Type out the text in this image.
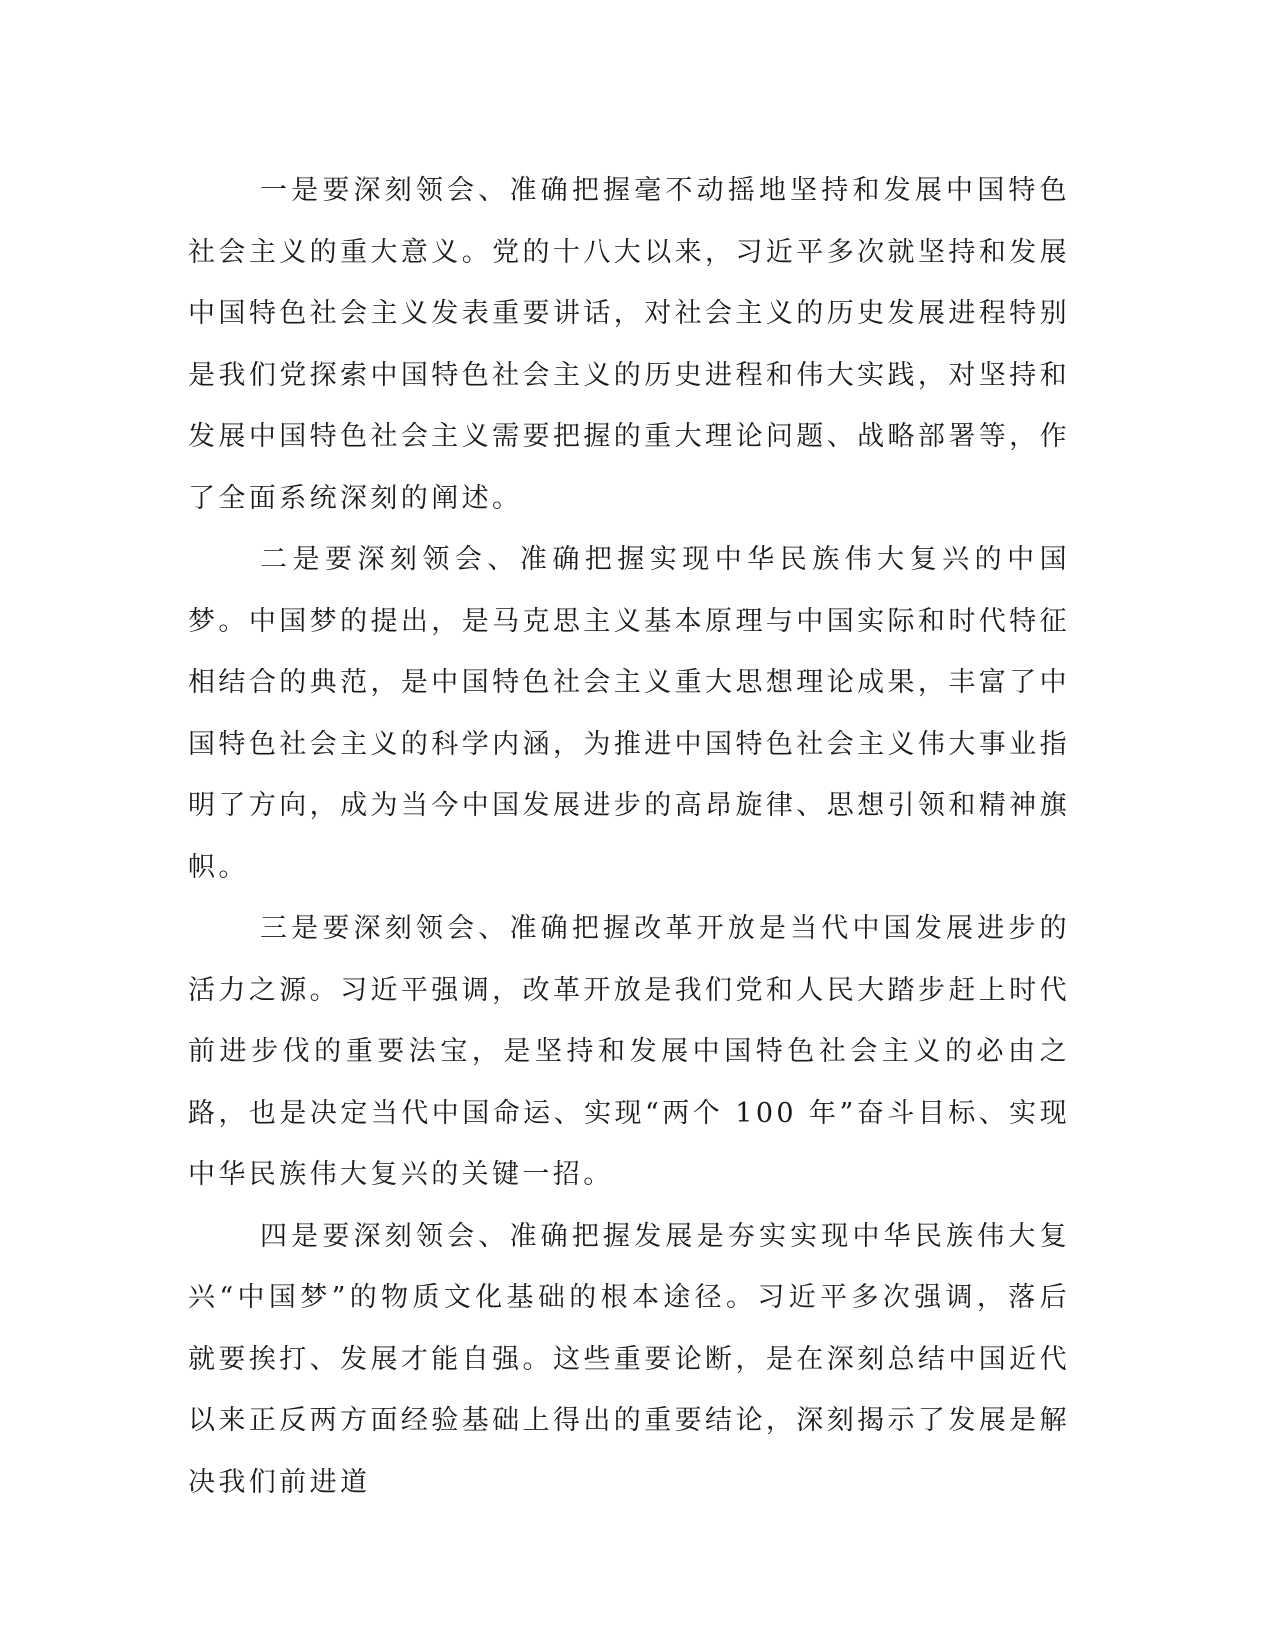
一是要深刻领会、准确把握毫不动摇地坚持和发展中国特色社会主义的重大意义。党的十八大以来，习近平多次就坚持和发展中国特色社会主义发表重要讲话，对社会主义的历史发展进程特别是我们党探索中国特色社会主义的历史进程和伟大实践，对坚持和发展中国特色社会主义需要把握的重大理论问题、战略部署等，作了全面系统深刻的阐述。

二是要深刻领会、准确把握实现中华民族伟大复兴的中国梦。中国梦的提出，是马克思主义基本原理与中国实际和时代特征相结合的典范，是中国特色社会主义重大思想理论成果，丰富了中国特色社会主义的科学内涵，为推进中国特色社会主义伟大事业指明了方向，成为当今中国发展进步的高昂旋律、思想引领和精神旗帜。

三是要深刻领会、准确把握改革开放是当代中国发展进步的活力之源。习近平强调，改革开放是我们党和人民大踏步赶上时代前进步伐的重要法宝，是坚持和发展中国特色社会主义的必由之路，也是决定当代中国命运、实现“两个 100 年”奋斗目标、实现中华民族伟大复兴的关键一招。

四是要深刻领会、准确把握发展是夯实实现中华民族伟大复兴“中国梦”的物质文化基础的根本途径。习近平多次强调，落后就要挨打、发展才能自强。这些重要论断，是在深刻总结中国近代以来正反两方面经验基础上得出的重要结论，深刻揭示了发展是解决我们前进道
